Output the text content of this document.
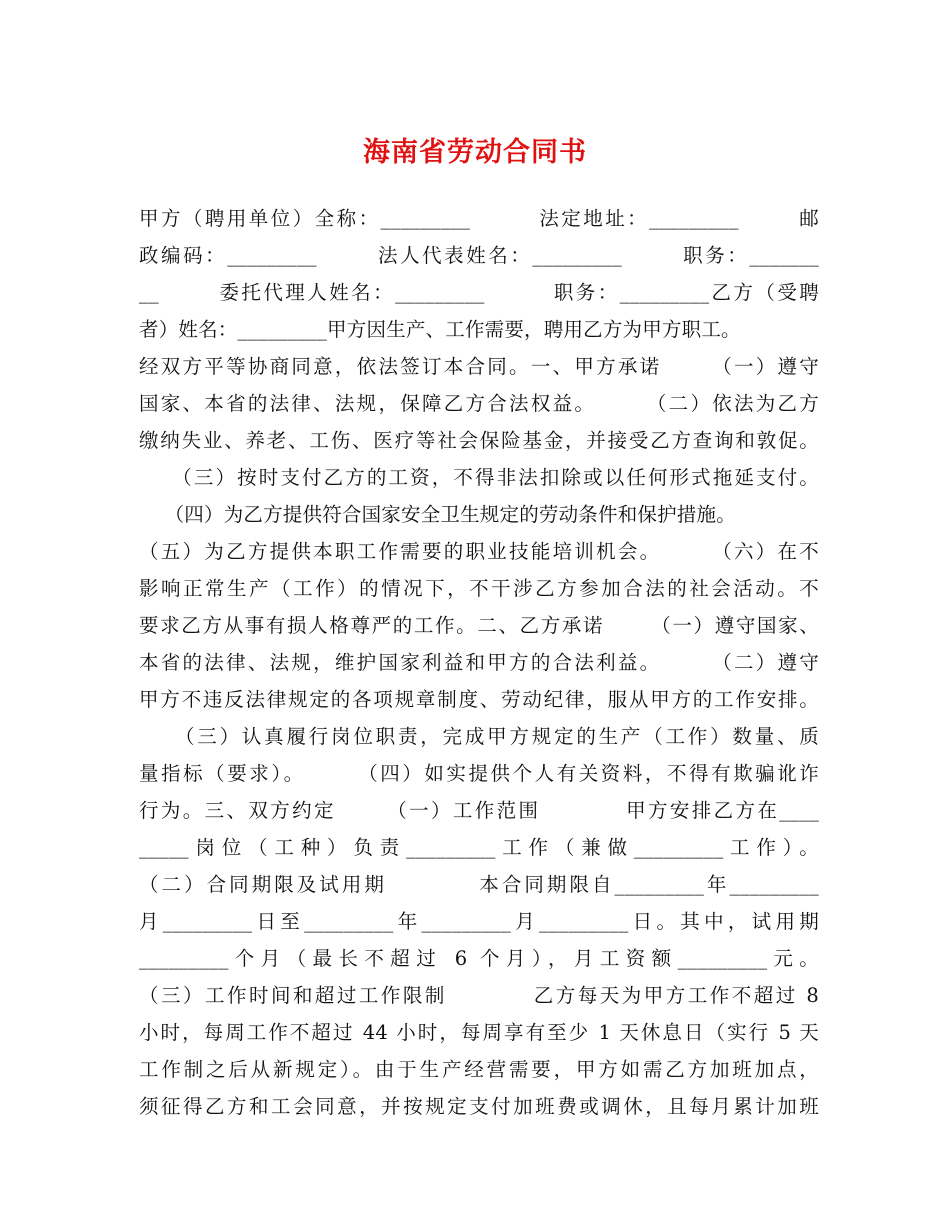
海南省劳动合同书
甲方（聘用单位）全称：_________        法定地址：_________       邮
政编码：_________       法人代表姓名：_________       职务：_______
__       委托代理人姓名：_________        职务：_________乙方（受聘
者）姓名：_________甲方因生产、工作需要，聘用乙方为甲方职工。
经双方平等协商同意，依法签订本合同。一、甲方承诺      （一）遵守
国家、本省的法律、法规，保障乙方合法权益。      （二）依法为乙方
缴纳失业、养老、工伤、医疗等社会保险基金，并接受乙方查询和敦促。
（三）按时支付乙方的工资，不得非法扣除或以任何形式拖延支付。
（四）为乙方提供符合国家安全卫生规定的劳动条件和保护措施。
（五）为乙方提供本职工作需要的职业技能培训机会。      （六）在不
影响正常生产（工作）的情况下，不干涉乙方参加合法的社会活动。不
要求乙方从事有损人格尊严的工作。二、乙方承诺      （一）遵守国家、
本省的法律、法规，维护国家利益和甲方的合法利益。      （二）遵守
甲方不违反法律规定的各项规章制度、劳动纪律，服从甲方的工作安排。
（三）认真履行岗位职责，完成甲方规定的生产（工作）数量、质
量指标（要求）。      （四）如实提供个人有关资料，不得有欺骗讹诈
行为。三、双方约定      （一）工作范围          甲方安排乙方在____
_____岗位（工种）负责_________工作（兼做_________工作）。
（二）合同期限及试用期          本合同期限自_________年_________
月_________日至_________年_________月_________日。其中，试用期
_________个月（最长不超过 6 个月），月工资额_________元。
（三）工作时间和超过工作限制          乙方每天为甲方工作不超过 8
小时，每周工作不超过 44 小时，每周享有至少 1 天休息日（实行 5 天
工作制之后从新规定）。由于生产经营需要，甲方如需乙方加班加点，
须征得乙方和工会同意，并按规定支付加班费或调休，且每月累计加班
